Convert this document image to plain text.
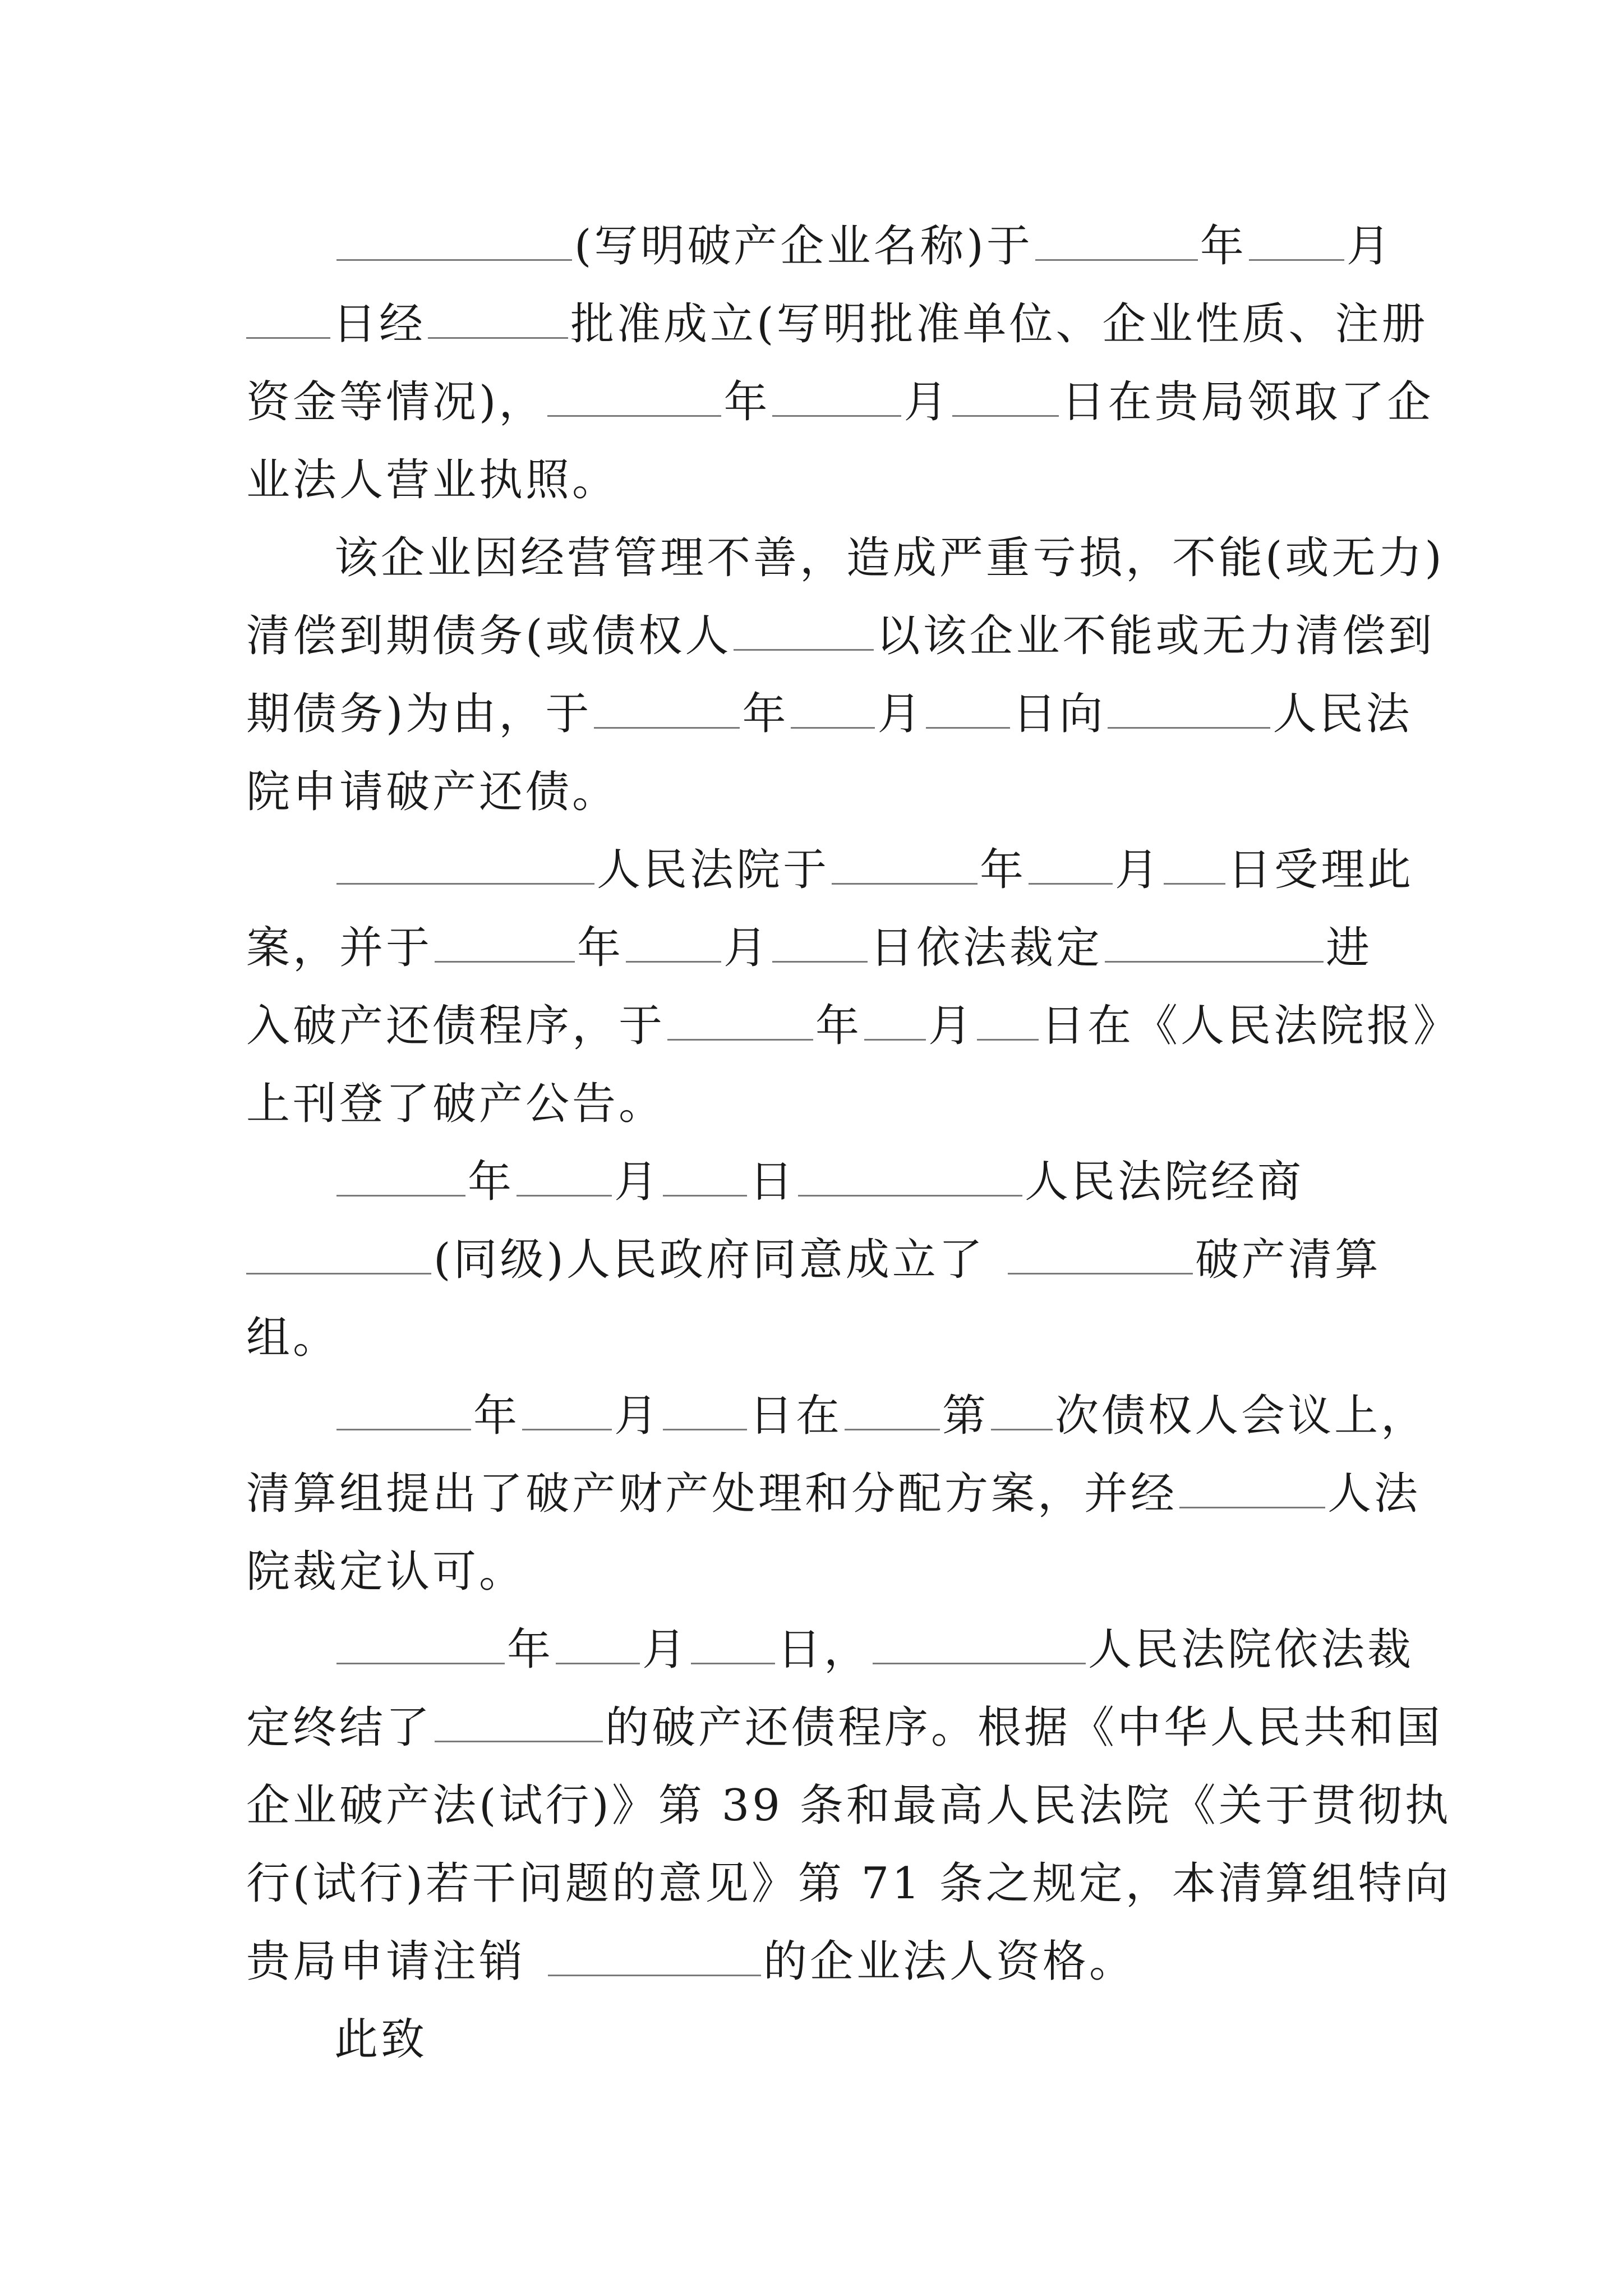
(写明破产企业名称)于	年 月
日经	批准成立(写明批准单位、企业性质、注册
资金等情况)，	年	月	日在贵局领取了企
业法人营业执照。
该企业因经营管理不善，造成严重亏损，不能(或无力)
清偿到期债务(或债权人	以该企业不能或无力清偿到
期债务)为由，于	年 月 日向	人民法
院申请破产还债。
人民法院于	年 月 日受理此
案，并于	年 月 日依法裁定	进
入破产还债程序，于	年 月 日在《人民法院报》
上刊登了破产公告。
年 月 日	人民法院经商
(同级)人民政府同意成立了	破产清算
组。
年 月 日在 第 次债权人会议上，
清算组提出了破产财产处理和分配方案，并经	人法
院裁定认可。
年 月 日，	人民法院依法裁
定终结了	的破产还债程序。根据《中华人民共和国
企业破产法(试行)》第 39 条和最高人民法院《关于贯彻执
行(试行)若干问题的意见》第 71 条之规定，本清算组特向
贵局申请注销	的企业法人资格。
此致
